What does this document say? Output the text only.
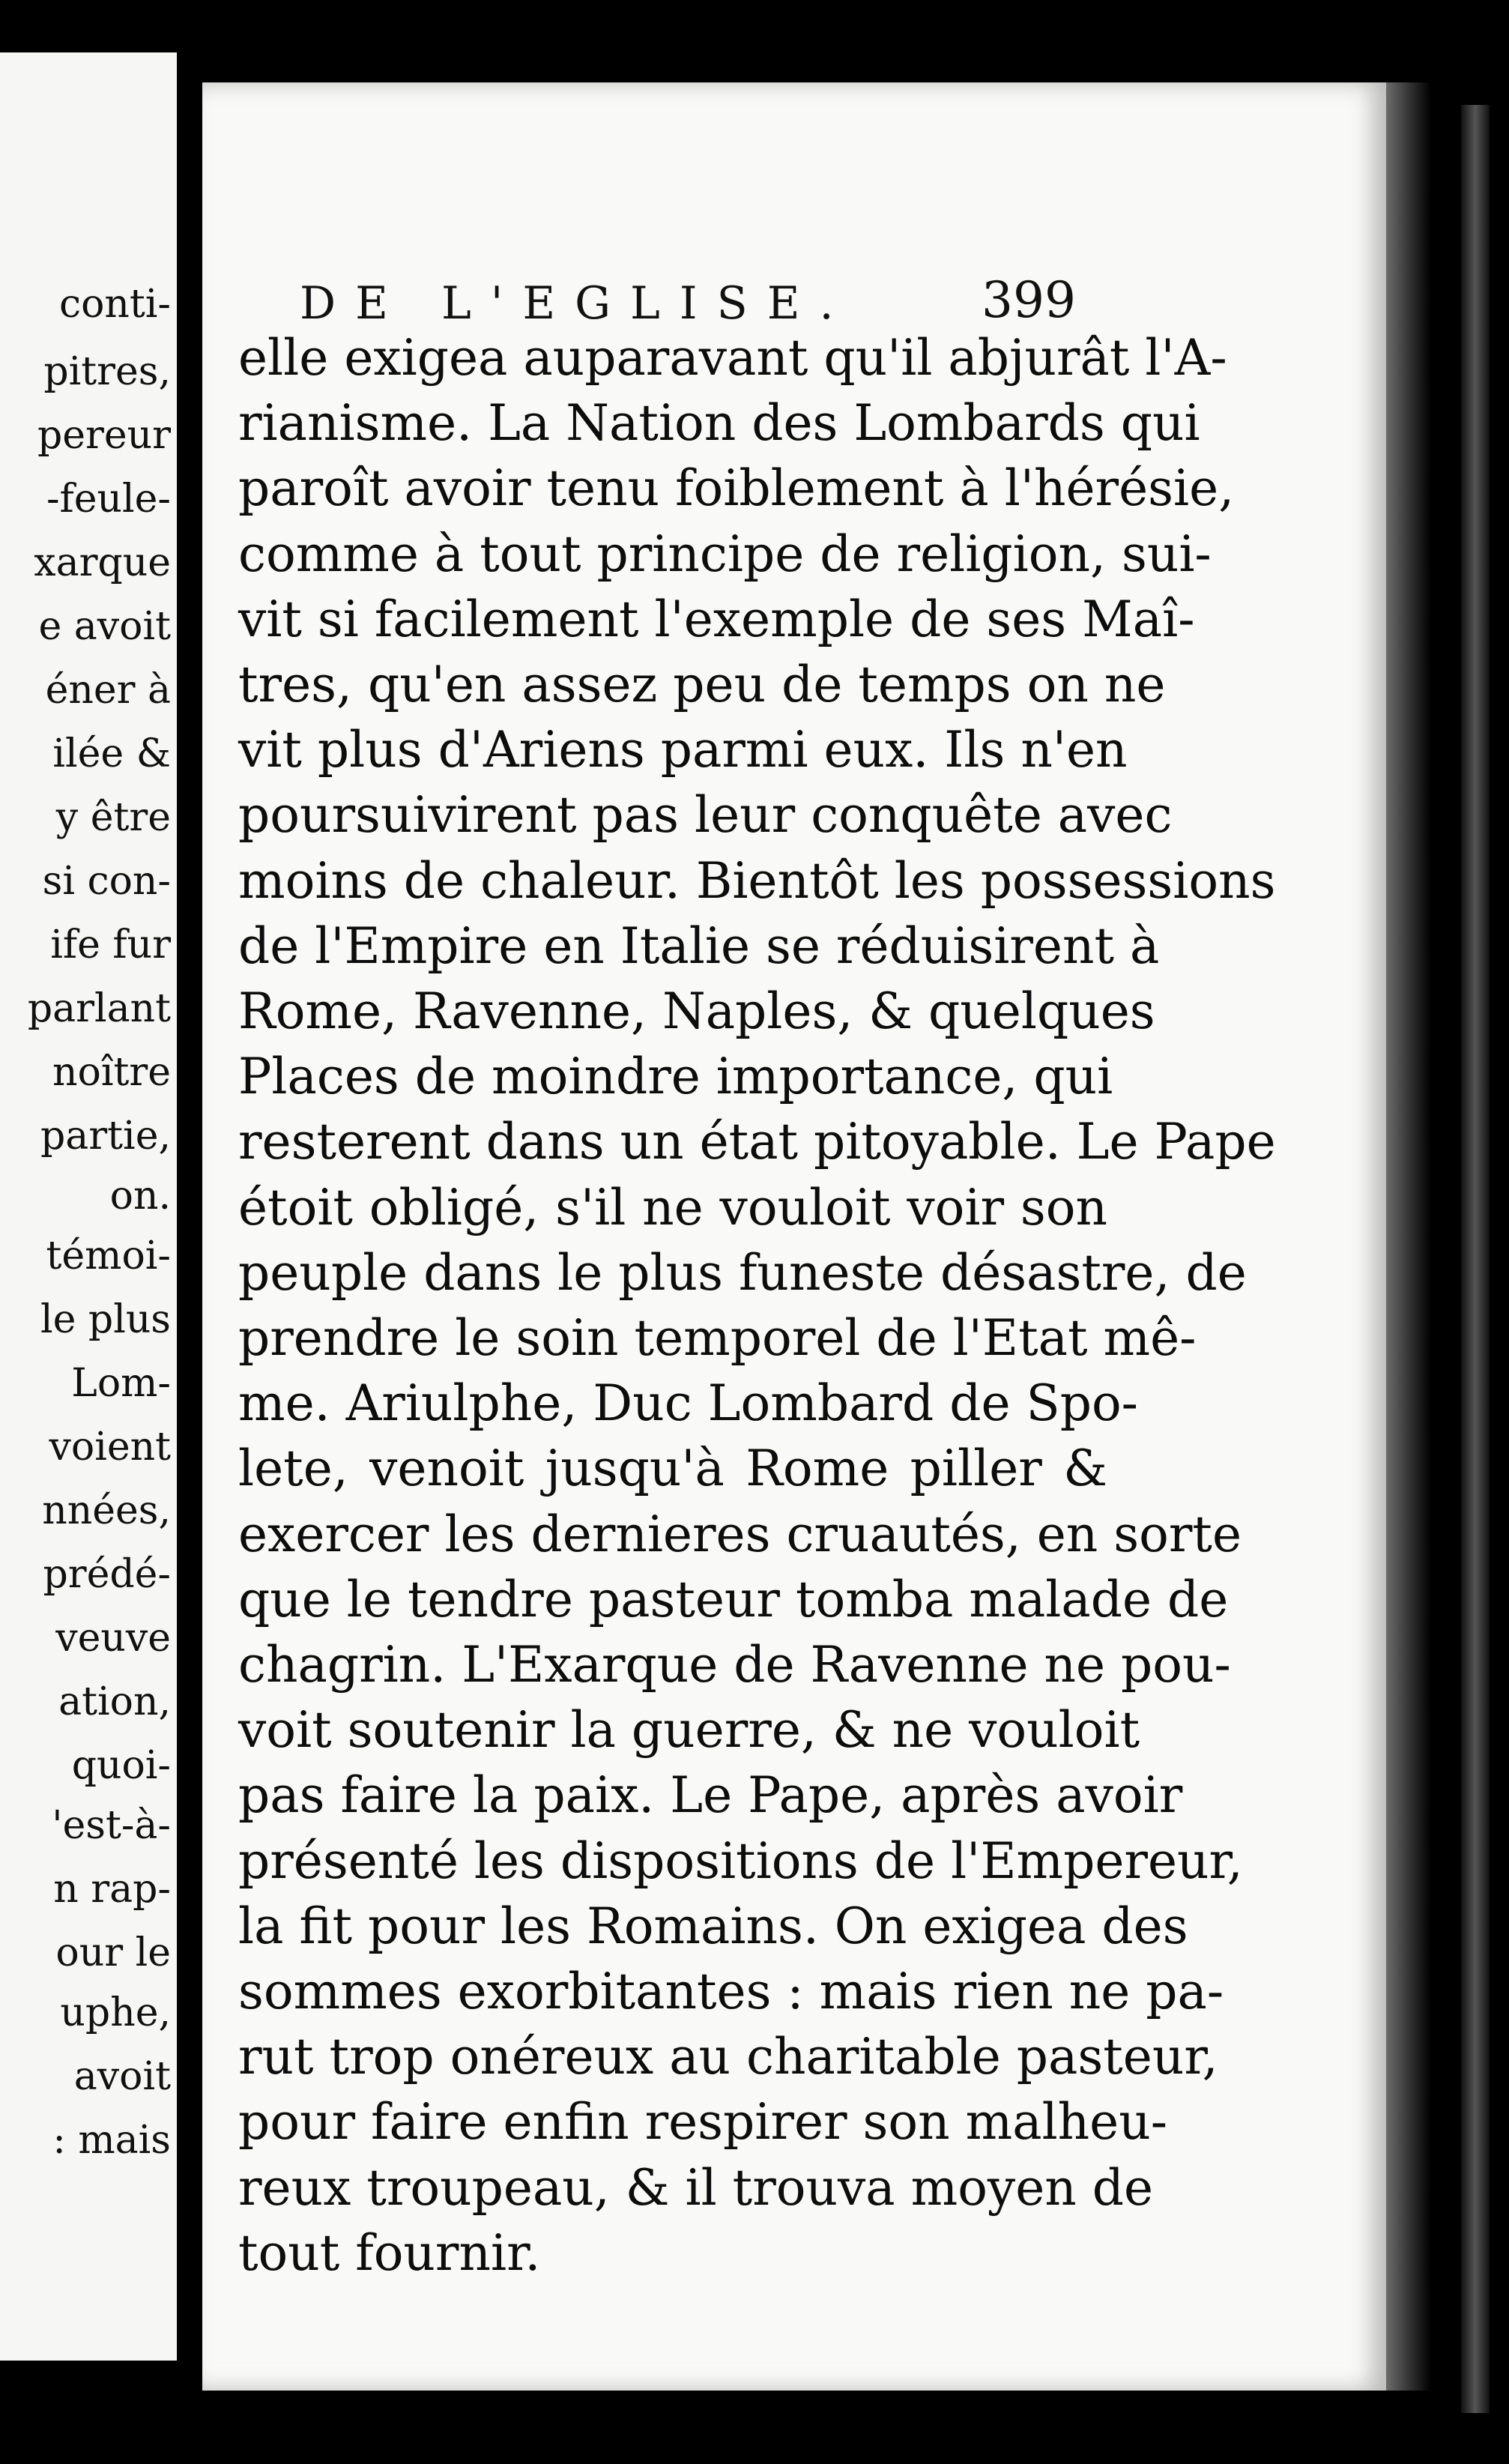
conti-
pitres,
pereur
-feule-
xarque
e avoit
éner à
ilée &
y être
si con-
ife fur
parlant
noître
partie,
on.
témoi-
le plus
Lom-
voient
nnées,
prédé-
veuve
ation,
quoi-
'est-à-
n rap-
our le
uphe,
avoit
: mais
DE L'EGLISE.	399
elle exigea auparavant qu'il abjurât l'A-
rianisme. La Nation des Lombards qui
paroît avoir tenu foiblement à l'hérésie,
comme à tout principe de religion, sui-
vit si facilement l'exemple de ses Maî-
tres, qu'en assez peu de temps on ne
vit plus d'Ariens parmi eux. Ils n'en
poursuivirent pas leur conquête avec
moins de chaleur. Bientôt les possessions
de l'Empire en Italie se réduisirent à
Rome, Ravenne, Naples, & quelques
Places de moindre importance, qui
resterent dans un état pitoyable. Le Pape
étoit obligé, s'il ne vouloit voir son
peuple dans le plus funeste désastre, de
prendre le soin temporel de l'Etat mê-
me. Ariulphe, Duc Lombard de Spo-
lete, venoit jusqu'à Rome piller &
exercer les dernieres cruautés, en sorte
que le tendre pasteur tomba malade de
chagrin. L'Exarque de Ravenne ne pou-
voit soutenir la guerre, & ne vouloit
pas faire la paix. Le Pape, après avoir
présenté les dispositions de l'Empereur,
la fit pour les Romains. On exigea des
sommes exorbitantes : mais rien ne pa-
rut trop onéreux au charitable pasteur,
pour faire enfin respirer son malheu-
reux troupeau, & il trouva moyen de
tout fournir.
